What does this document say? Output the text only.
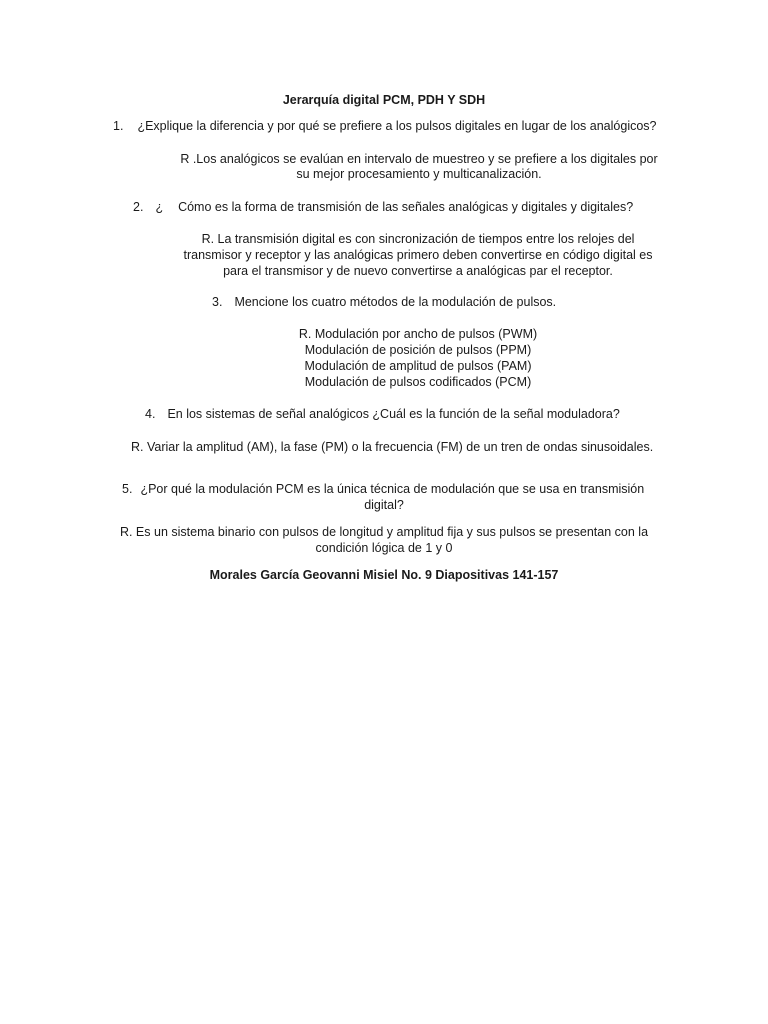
Jerarquía digital PCM, PDH Y SDH
1. ¿Explique la diferencia y por qué se prefiere a los pulsos digitales en lugar de los analógicos?
R .Los analógicos se evalúan en intervalo de muestreo y se prefiere a los digitales por
su mejor procesamiento y multicanalización.
2. ¿ Cómo es la forma de transmisión de las señales analógicas y digitales y digitales?
R. La transmisión digital es con sincronización de tiempos entre los relojes del
transmisor y receptor y las analógicas primero deben convertirse en código digital es
para el transmisor y de nuevo convertirse a analógicas par el receptor.
3. Mencione los cuatro métodos de la modulación de pulsos.
R. Modulación por ancho de pulsos (PWM)
Modulación de posición de pulsos (PPM)
Modulación de amplitud de pulsos (PAM)
Modulación de pulsos codificados (PCM)
4. En los sistemas de señal analógicos ¿Cuál es la función de la señal moduladora?
R. Variar la amplitud (AM), la fase (PM) o la frecuencia (FM) de un tren de ondas sinusoidales.
5. ¿Por qué la modulación PCM es la única técnica de modulación que se usa en transmisión
digital?
R. Es un sistema binario con pulsos de longitud y amplitud fija y sus pulsos se presentan con la
condición lógica de 1 y 0
Morales García Geovanni Misiel No. 9 Diapositivas 141-157
